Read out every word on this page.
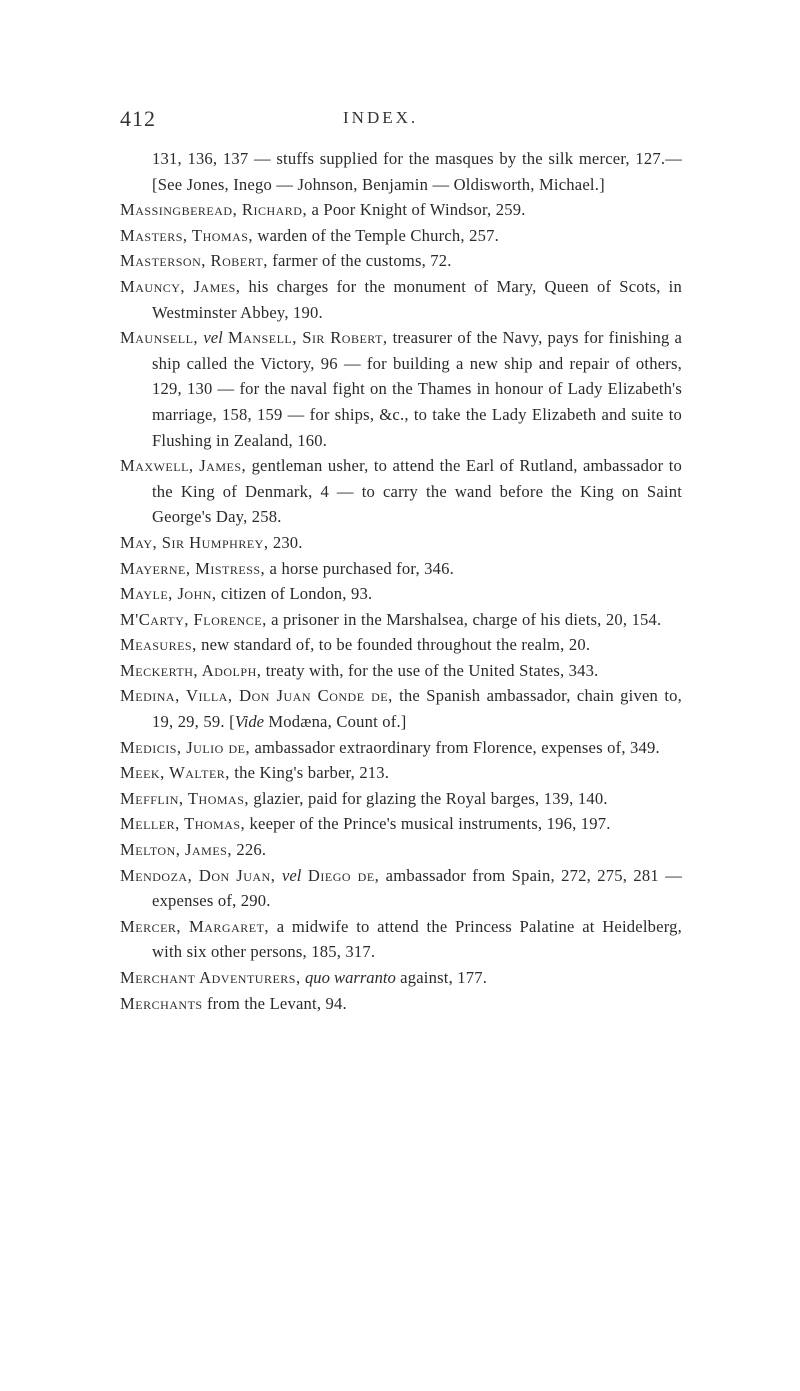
412	INDEX.
131, 136, 137 — stuffs supplied for the masques by the silk mercer, 127.—[See Jones, Inego — Johnson, Benjamin — Oldisworth, Michael.]
Massingberead, Richard, a Poor Knight of Windsor, 259.
Masters, Thomas, warden of the Temple Church, 257.
Masterson, Robert, farmer of the customs, 72.
Mauncy, James, his charges for the monument of Mary, Queen of Scots, in Westminster Abbey, 190.
Maunsell, vel Mansell, Sir Robert, treasurer of the Navy, pays for finishing a ship called the Victory, 96 — for building a new ship and repair of others, 129, 130 — for the naval fight on the Thames in honour of Lady Elizabeth's marriage, 158, 159 — for ships, &c., to take the Lady Elizabeth and suite to Flushing in Zealand, 160.
Maxwell, James, gentleman usher, to attend the Earl of Rutland, ambassador to the King of Denmark, 4 — to carry the wand before the King on Saint George's Day, 258.
May, Sir Humphrey, 230.
Mayerne, Mistress, a horse purchased for, 346.
Mayle, John, citizen of London, 93.
M'Carty, Florence, a prisoner in the Marshalsea, charge of his diets, 20, 154.
Measures, new standard of, to be founded throughout the realm, 20.
Meckerth, Adolph, treaty with, for the use of the United States, 343.
Medina, Villa, Don Juan Conde de, the Spanish ambassador, chain given to, 19, 29, 59. [Vide Modæna, Count of.]
Medicis, Julio de, ambassador extraordinary from Florence, expenses of, 349.
Meek, Walter, the King's barber, 213.
Mefflin, Thomas, glazier, paid for glazing the Royal barges, 139, 140.
Meller, Thomas, keeper of the Prince's musical instruments, 196, 197.
Melton, James, 226.
Mendoza, Don Juan, vel Diego de, ambassador from Spain, 272, 275, 281 — expenses of, 290.
Mercer, Margaret, a midwife to attend the Princess Palatine at Heidelberg, with six other persons, 185, 317.
Merchant Adventurers, quo warranto against, 177.
Merchants from the Levant, 94.
